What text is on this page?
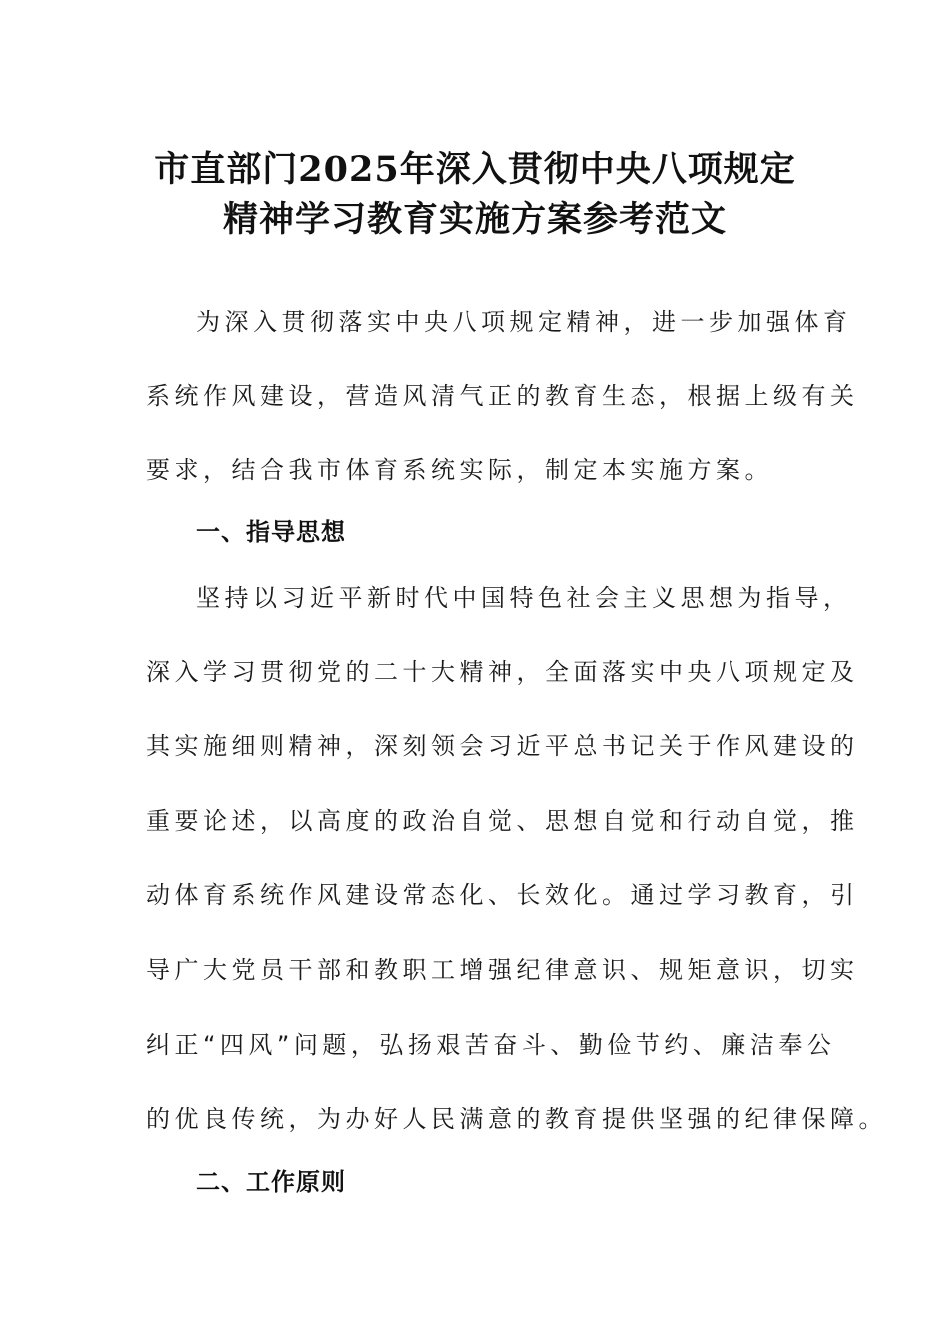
市直部门2025年深入贯彻中央八项规定
精神学习教育实施方案参考范文
为深入贯彻落实中央八项规定精神，进一步加强体育
系统作风建设，营造风清气正的教育生态，根据上级有关
要求，结合我市体育系统实际，制定本实施方案。
一、指导思想
坚持以习近平新时代中国特色社会主义思想为指导，
深入学习贯彻党的二十大精神，全面落实中央八项规定及
其实施细则精神，深刻领会习近平总书记关于作风建设的
重要论述，以高度的政治自觉、思想自觉和行动自觉，推
动体育系统作风建设常态化、长效化。通过学习教育，引
导广大党员干部和教职工增强纪律意识、规矩意识，切实
纠正“四风”问题，弘扬艰苦奋斗、勤俭节约、廉洁奉公
的优良传统，为办好人民满意的教育提供坚强的纪律保障。
二、工作原则
